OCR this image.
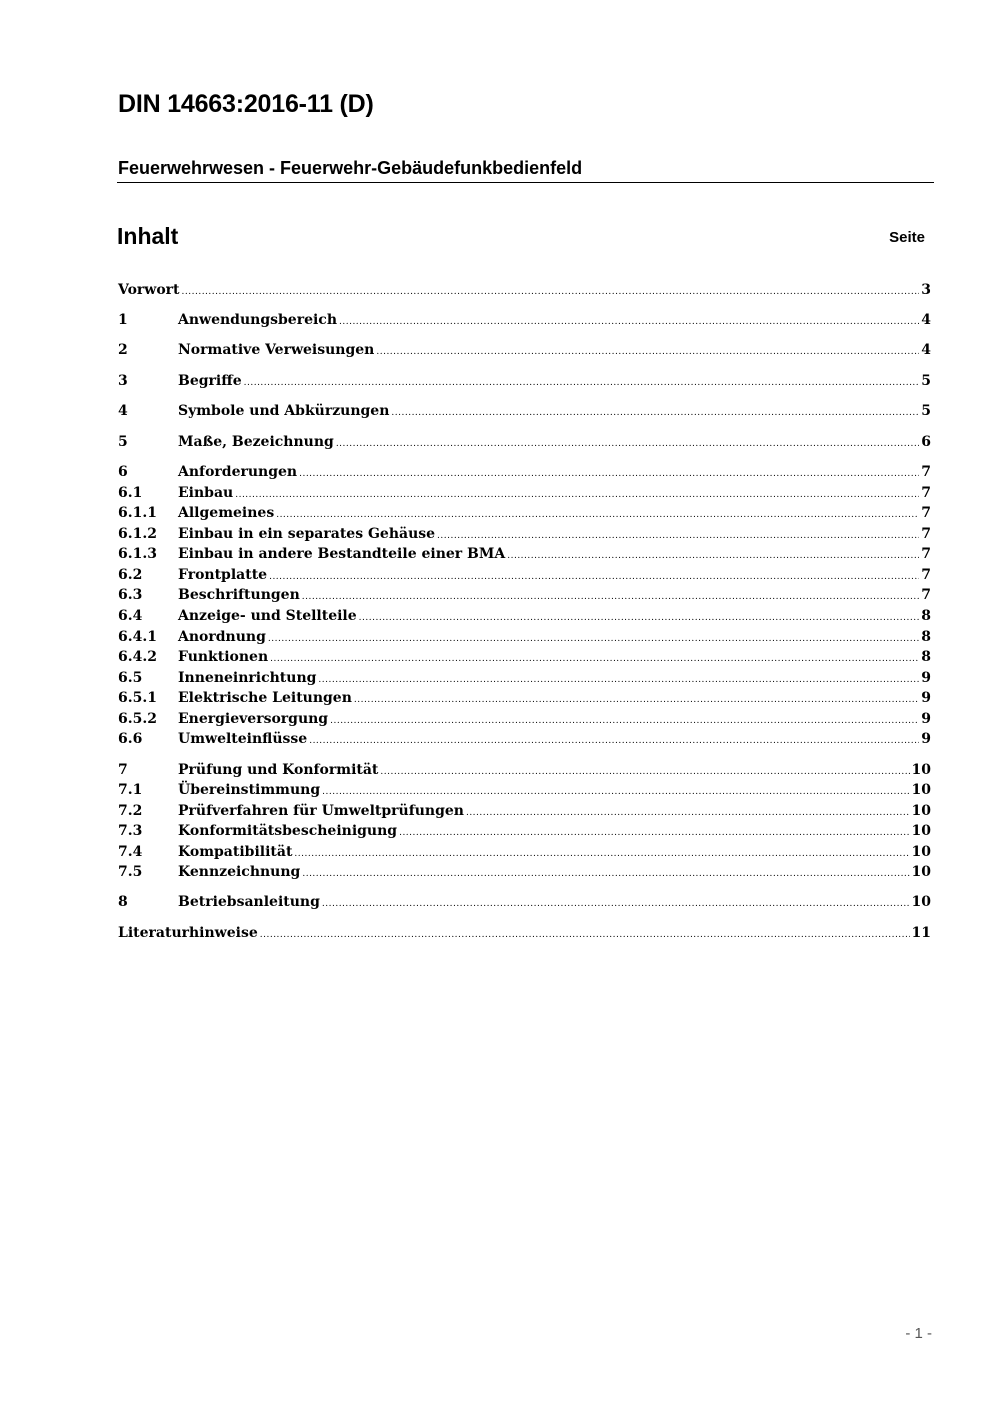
DIN 14663:2016-11 (D)
Feuerwehrwesen - Feuerwehr-Gebäudefunkbedienfeld
Inhalt	Seite
Vorwort .....	3
1	Anwendungsbereich .....	4
2	Normative Verweisungen .....	4
3	Begriffe .....	5
4	Symbole und Abkürzungen .....	5
5	Maße, Bezeichnung .....	6
6	Anforderungen .....	7
6.1	Einbau .....	7
6.1.1	Allgemeines .....	7
6.1.2	Einbau in ein separates Gehäuse .....	7
6.1.3	Einbau in andere Bestandteile einer BMA .....	7
6.2	Frontplatte .....	7
6.3	Beschriftungen .....	7
6.4	Anzeige- und Stellteile .....	8
6.4.1	Anordnung .....	8
6.4.2	Funktionen .....	8
6.5	Inneneinrichtung .....	9
6.5.1	Elektrische Leitungen .....	9
6.5.2	Energieversorgung .....	9
6.6	Umwelteinflüsse .....	9
7	Prüfung und Konformität .....	10
7.1	Übereinstimmung .....	10
7.2	Prüfverfahren für Umweltprüfungen .....	10
7.3	Konformitätsbescheinigung .....	10
7.4	Kompatibilität .....	10
7.5	Kennzeichnung .....	10
8	Betriebsanleitung .....	10
Literaturhinweise .....	11
- 1 -
